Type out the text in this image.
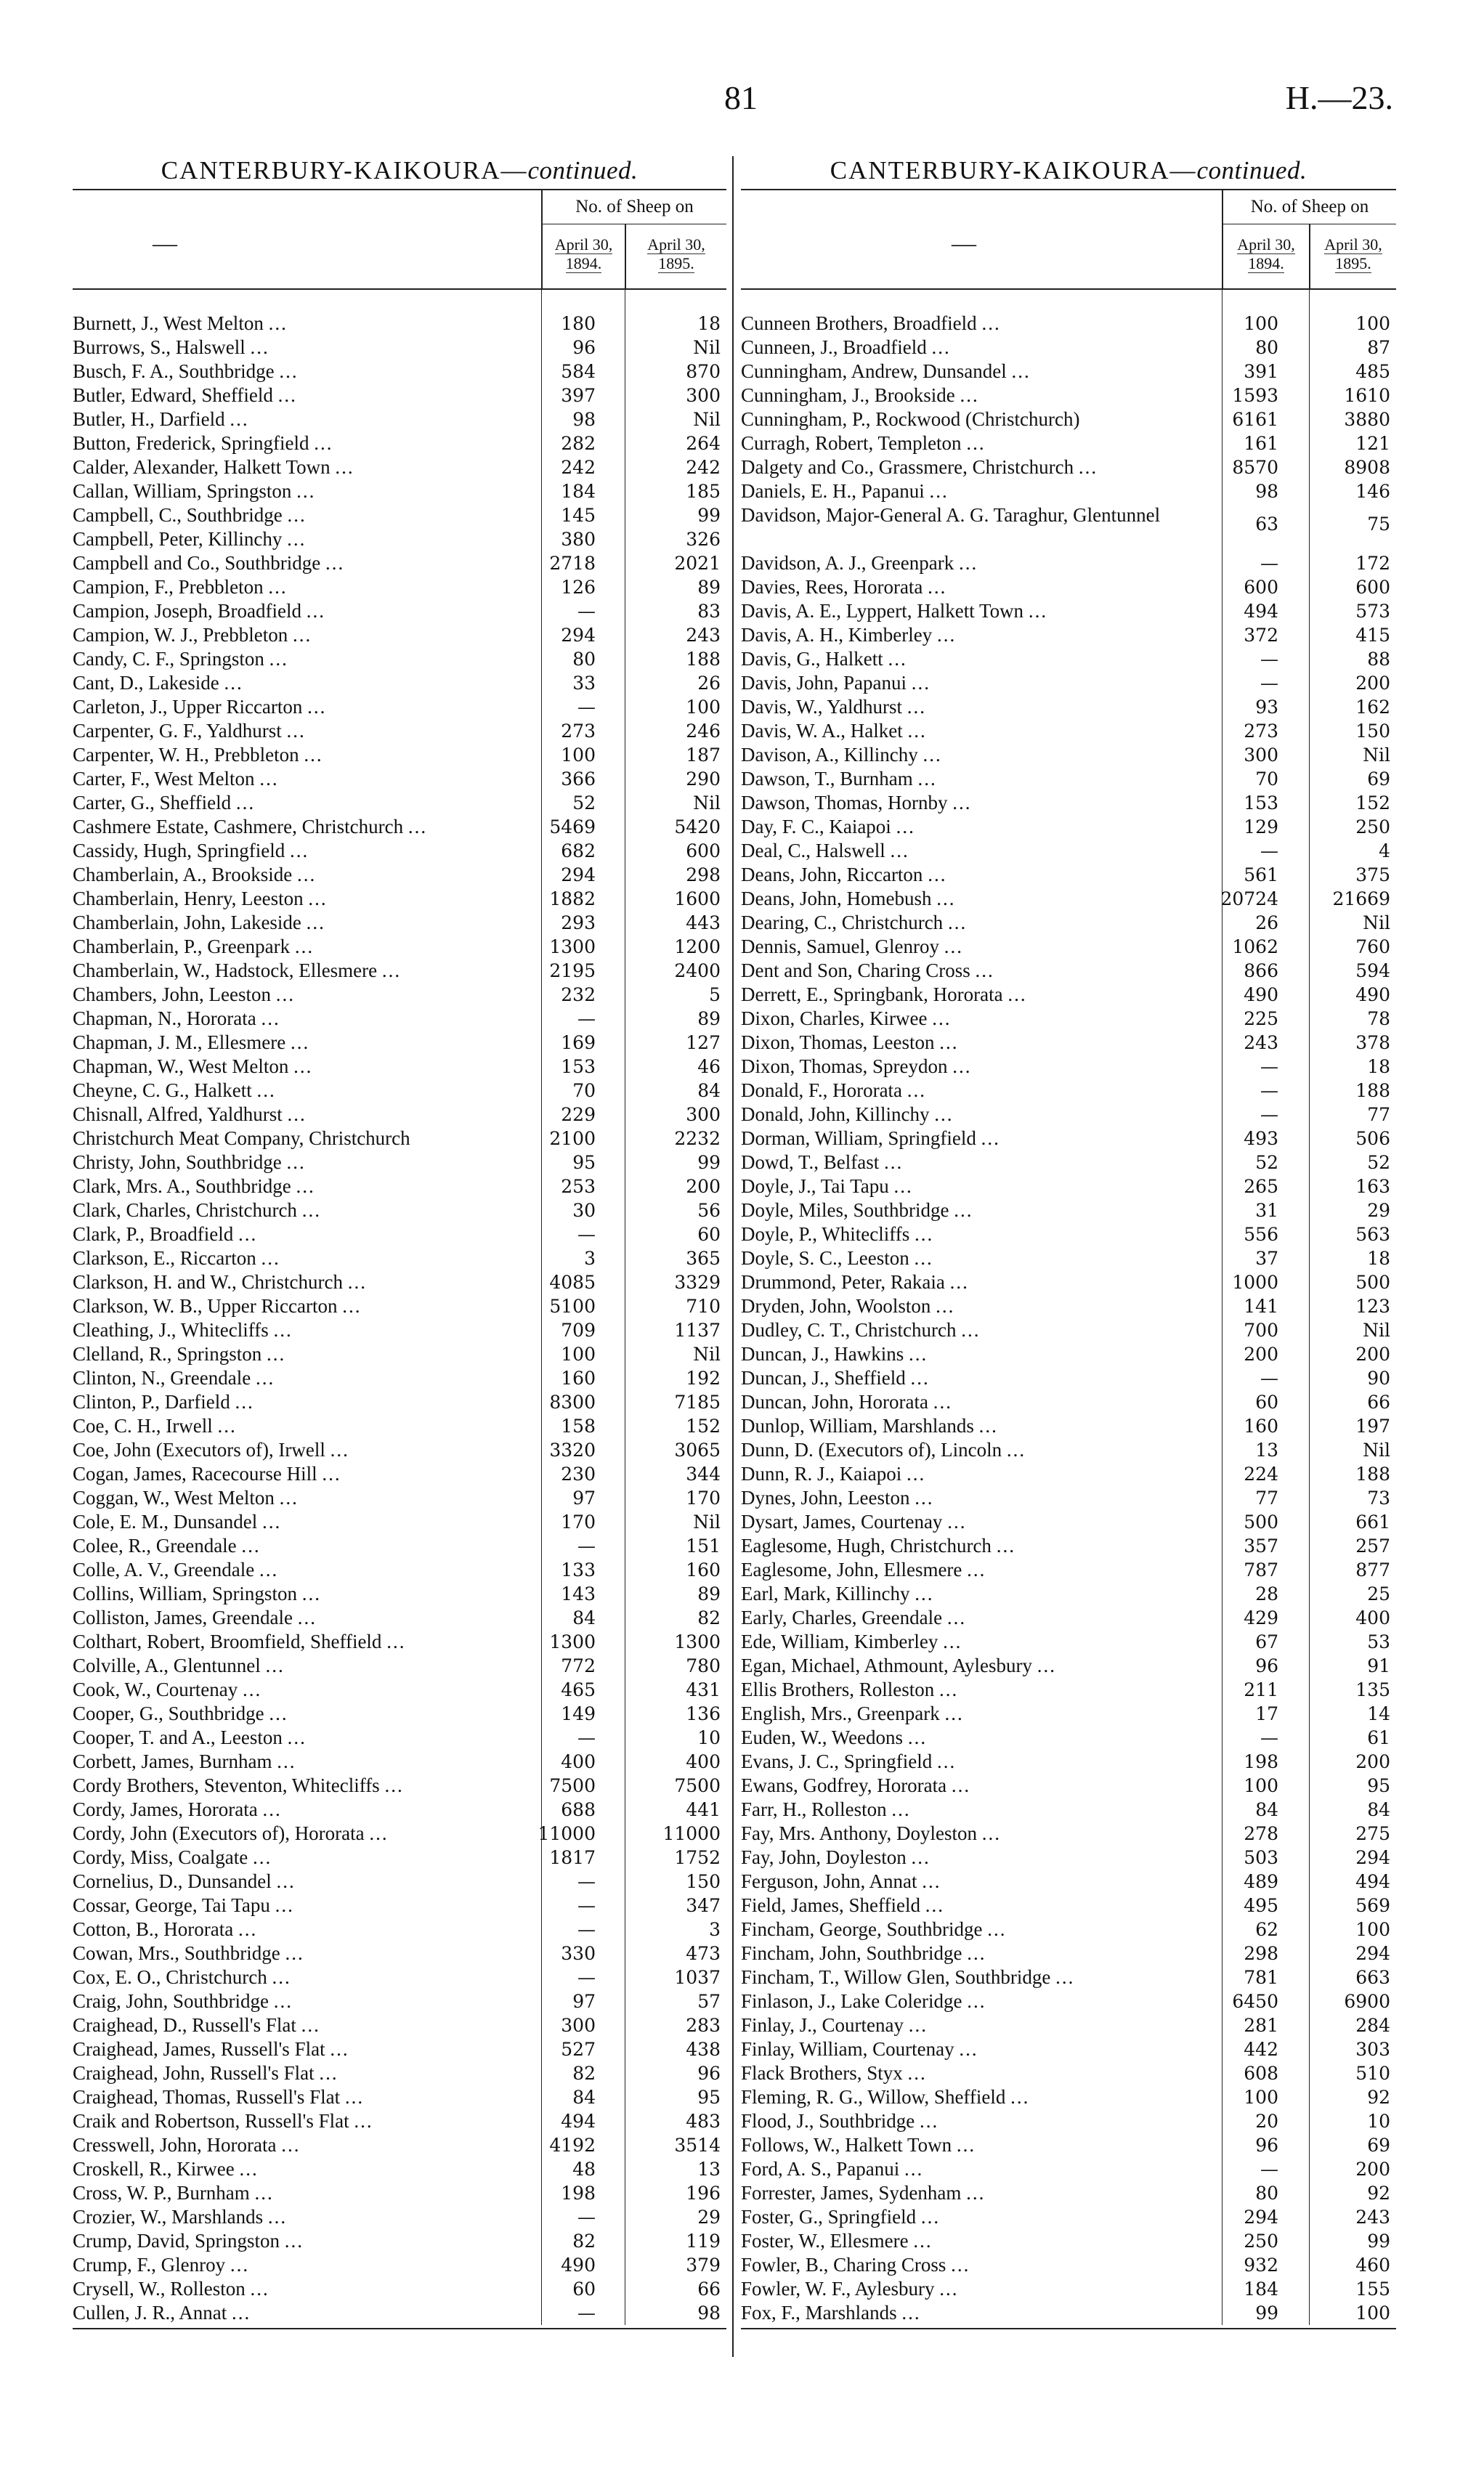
81	H.—23.
CANTERBURY-KAIKOURA—continued.
—
No. of Sheep on
April 30,
1894.
April 30,
1895.
Burnett, J., West Melton ...	180	18
Burrows, S., Halswell ...	96	Nil
Busch, F. A., Southbridge ...	584	870
Butler, Edward, Sheffield ...	397	300
Butler, H., Darfield ...	98	Nil
Button, Frederick, Springfield ...	282	264
Calder, Alexander, Halkett Town ...	242	242
Callan, William, Springston ...	184	185
Campbell, C., Southbridge ...	145	99
Campbell, Peter, Killinchy ...	380	326
Campbell and Co., Southbridge ...	2718	2021
Campion, F., Prebbleton ...	126	89
Campion, Joseph, Broadfield ...	—	83
Campion, W. J., Prebbleton ...	294	243
Candy, C. F., Springston ...	80	188
Cant, D., Lakeside ...	33	26
Carleton, J., Upper Riccarton ...	—	100
Carpenter, G. F., Yaldhurst ...	273	246
Carpenter, W. H., Prebbleton ...	100	187
Carter, F., West Melton ...	366	290
Carter, G., Sheffield ...	52	Nil
Cashmere Estate, Cashmere, Christchurch ...	5469	5420
Cassidy, Hugh, Springfield ...	682	600
Chamberlain, A., Brookside ...	294	298
Chamberlain, Henry, Leeston ...	1882	1600
Chamberlain, John, Lakeside ...	293	443
Chamberlain, P., Greenpark ...	1300	1200
Chamberlain, W., Hadstock, Ellesmere ...	2195	2400
Chambers, John, Leeston ...	232	5
Chapman, N., Hororata ...	—	89
Chapman, J. M., Ellesmere ...	169	127
Chapman, W., West Melton ...	153	46
Cheyne, C. G., Halkett ...	70	84
Chisnall, Alfred, Yaldhurst ...	229	300
Christchurch Meat Company, Christchurch	2100	2232
Christy, John, Southbridge ...	95	99
Clark, Mrs. A., Southbridge ...	253	200
Clark, Charles, Christchurch ...	30	56
Clark, P., Broadfield ...	—	60
Clarkson, E., Riccarton ...	3	365
Clarkson, H. and W., Christchurch ...	4085	3329
Clarkson, W. B., Upper Riccarton ...	5100	710
Cleathing, J., Whitecliffs ...	709	1137
Clelland, R., Springston ...	100	Nil
Clinton, N., Greendale ...	160	192
Clinton, P., Darfield ...	8300	7185
Coe, C. H., Irwell ...	158	152
Coe, John (Executors of), Irwell ...	3320	3065
Cogan, James, Racecourse Hill ...	230	344
Coggan, W., West Melton ...	97	170
Cole, E. M., Dunsandel ...	170	Nil
Colee, R., Greendale ...	—	151
Colle, A. V., Greendale ...	133	160
Collins, William, Springston ...	143	89
Colliston, James, Greendale ...	84	82
Colthart, Robert, Broomfield, Sheffield ...	1300	1300
Colville, A., Glentunnel ...	772	780
Cook, W., Courtenay ...	465	431
Cooper, G., Southbridge ...	149	136
Cooper, T. and A., Leeston ...	—	10
Corbett, James, Burnham ...	400	400
Cordy Brothers, Steventon, Whitecliffs ...	7500	7500
Cordy, James, Hororata ...	688	441
Cordy, John (Executors of), Hororata ...	11000	11000
Cordy, Miss, Coalgate ...	1817	1752
Cornelius, D., Dunsandel ...	—	150
Cossar, George, Tai Tapu ...	—	347
Cotton, B., Hororata ...	—	3
Cowan, Mrs., Southbridge ...	330	473
Cox, E. O., Christchurch ...	—	1037
Craig, John, Southbridge ...	97	57
Craighead, D., Russell's Flat ...	300	283
Craighead, James, Russell's Flat ...	527	438
Craighead, John, Russell's Flat ...	82	96
Craighead, Thomas, Russell's Flat ...	84	95
Craik and Robertson, Russell's Flat ...	494	483
Cresswell, John, Hororata ...	4192	3514
Croskell, R., Kirwee ...	48	13
Cross, W. P., Burnham ...	198	196
Crozier, W., Marshlands ...	—	29
Crump, David, Springston ...	82	119
Crump, F., Glenroy ...	490	379
Crysell, W., Rolleston ...	60	66
Cullen, J. R., Annat ...	—	98
CANTERBURY-KAIKOURA—continued.
—
No. of Sheep on
April 30,
1894.
April 30,
1895.
Cunneen Brothers, Broadfield ...	100	100
Cunneen, J., Broadfield ...	80	87
Cunningham, Andrew, Dunsandel ...	391	485
Cunningham, J., Brookside ...	1593	1610
Cunningham, P., Rockwood (Christchurch)	6161	3880
Curragh, Robert, Templeton ...	161	121
Dalgety and Co., Grassmere, Christchurch ...	8570	8908
Daniels, E. H., Papanui ...	98	146
Davidson, Major-General A. G. Taraghur, Glentunnel	63	75
Davidson, A. J., Greenpark ...	—	172
Davies, Rees, Hororata ...	600	600
Davis, A. E., Lyppert, Halkett Town ...	494	573
Davis, A. H., Kimberley ...	372	415
Davis, G., Halkett ...	—	88
Davis, John, Papanui ...	—	200
Davis, W., Yaldhurst ...	93	162
Davis, W. A., Halket ...	273	150
Davison, A., Killinchy ...	300	Nil
Dawson, T., Burnham ...	70	69
Dawson, Thomas, Hornby ...	153	152
Day, F. C., Kaiapoi ...	129	250
Deal, C., Halswell ...	—	4
Deans, John, Riccarton ...	561	375
Deans, John, Homebush ...	20724	21669
Dearing, C., Christchurch ...	26	Nil
Dennis, Samuel, Glenroy ...	1062	760
Dent and Son, Charing Cross ...	866	594
Derrett, E., Springbank, Hororata ...	490	490
Dixon, Charles, Kirwee ...	225	78
Dixon, Thomas, Leeston ...	243	378
Dixon, Thomas, Spreydon ...	—	18
Donald, F., Hororata ...	—	188
Donald, John, Killinchy ...	—	77
Dorman, William, Springfield ...	493	506
Dowd, T., Belfast ...	52	52
Doyle, J., Tai Tapu ...	265	163
Doyle, Miles, Southbridge ...	31	29
Doyle, P., Whitecliffs ...	556	563
Doyle, S. C., Leeston ...	37	18
Drummond, Peter, Rakaia ...	1000	500
Dryden, John, Woolston ...	141	123
Dudley, C. T., Christchurch ...	700	Nil
Duncan, J., Hawkins ...	200	200
Duncan, J., Sheffield ...	—	90
Duncan, John, Hororata ...	60	66
Dunlop, William, Marshlands ...	160	197
Dunn, D. (Executors of), Lincoln ...	13	Nil
Dunn, R. J., Kaiapoi ...	224	188
Dynes, John, Leeston ...	77	73
Dysart, James, Courtenay ...	500	661
Eaglesome, Hugh, Christchurch ...	357	257
Eaglesome, John, Ellesmere ...	787	877
Earl, Mark, Killinchy ...	28	25
Early, Charles, Greendale ...	429	400
Ede, William, Kimberley ...	67	53
Egan, Michael, Athmount, Aylesbury ...	96	91
Ellis Brothers, Rolleston ...	211	135
English, Mrs., Greenpark ...	17	14
Euden, W., Weedons ...	—	61
Evans, J. C., Springfield ...	198	200
Ewans, Godfrey, Hororata ...	100	95
Farr, H., Rolleston ...	84	84
Fay, Mrs. Anthony, Doyleston ...	278	275
Fay, John, Doyleston ...	503	294
Ferguson, John, Annat ...	489	494
Field, James, Sheffield ...	495	569
Fincham, George, Southbridge ...	62	100
Fincham, John, Southbridge ...	298	294
Fincham, T., Willow Glen, Southbridge ...	781	663
Finlason, J., Lake Coleridge ...	6450	6900
Finlay, J., Courtenay ...	281	284
Finlay, William, Courtenay ...	442	303
Flack Brothers, Styx ...	608	510
Fleming, R. G., Willow, Sheffield ...	100	92
Flood, J., Southbridge ...	20	10
Follows, W., Halkett Town ...	96	69
Ford, A. S., Papanui ...	—	200
Forrester, James, Sydenham ...	80	92
Foster, G., Springfield ...	294	243
Foster, W., Ellesmere ...	250	99
Fowler, B., Charing Cross ...	932	460
Fowler, W. F., Aylesbury ...	184	155
Fox, F., Marshlands ...	99	100
